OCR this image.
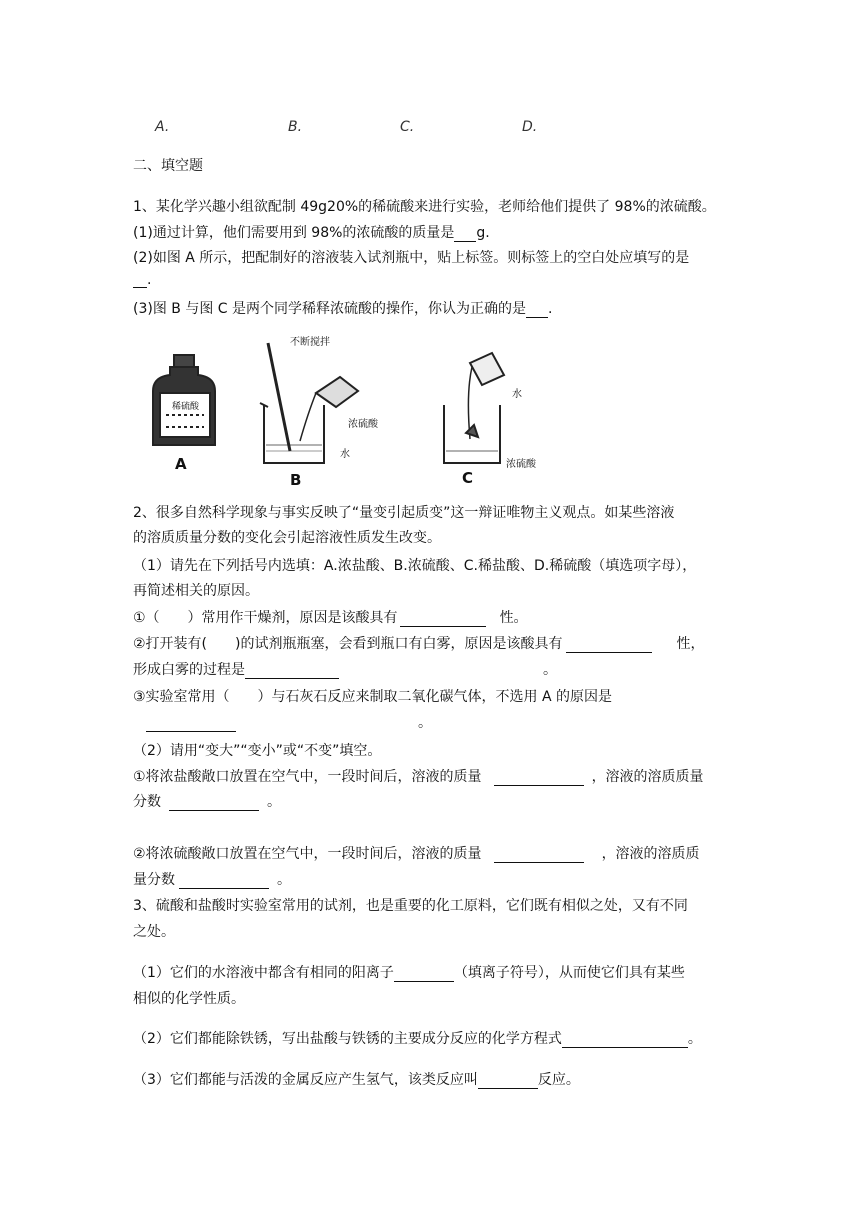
A.	B.	C.	D.
二、填空题
1、某化学兴趣小组欲配制 49g20%的稀硫酸来进行实验，老师给他们提供了 98%的浓硫酸。
(1)通过计算，他们需要用到 98%的浓硫酸的质量是 g.
(2)如图 A 所示，把配制好的溶液装入试剂瓶中，贴上标签。则标签上的空白处应填写的是
.
(3)图 B 与图 C 是两个同学稀释浓硫酸的操作，你认为正确的是 .
稀硫酸
A
不断搅拌
浓硫酸
水
B
水
浓硫酸
C
2、很多自然科学现象与事实反映了“量变引起质变”这一辩证唯物主义观点。如某些溶液
的溶质质量分数的变化会引起溶液性质发生改变。
（1）请先在下列括号内选填：A.浓盐酸、B.浓硫酸、C.稀盐酸、D.稀硫酸（填选项字母），
再简述相关的原因。
①（　　）常用作干燥剂，原因是该酸具有	性。
②打开装有(　　)的试剂瓶瓶塞，会看到瓶口有白雾，原因是该酸具有	性，
形成白雾的过程是	。
③实验室常用（　　）与石灰石反应来制取二氧化碳气体，不选用 A 的原因是
。
（2）请用“变大”“变小”或“不变”填空。
①将浓盐酸敞口放置在空气中，一段时间后，溶液的质量	，溶液的溶质质量
分数	。
②将浓硫酸敞口放置在空气中，一段时间后，溶液的质量	，溶液的溶质质
量分数	。
3、硫酸和盐酸时实验室常用的试剂，也是重要的化工原料，它们既有相似之处，又有不同
之处。
（1）它们的水溶液中都含有相同的阳离子	（填离子符号），从而使它们具有某些
相似的化学性质。
（2）它们都能除铁锈，写出盐酸与铁锈的主要成分反应的化学方程式	。
（3）它们都能与活泼的金属反应产生氢气，该类反应叫	反应。
